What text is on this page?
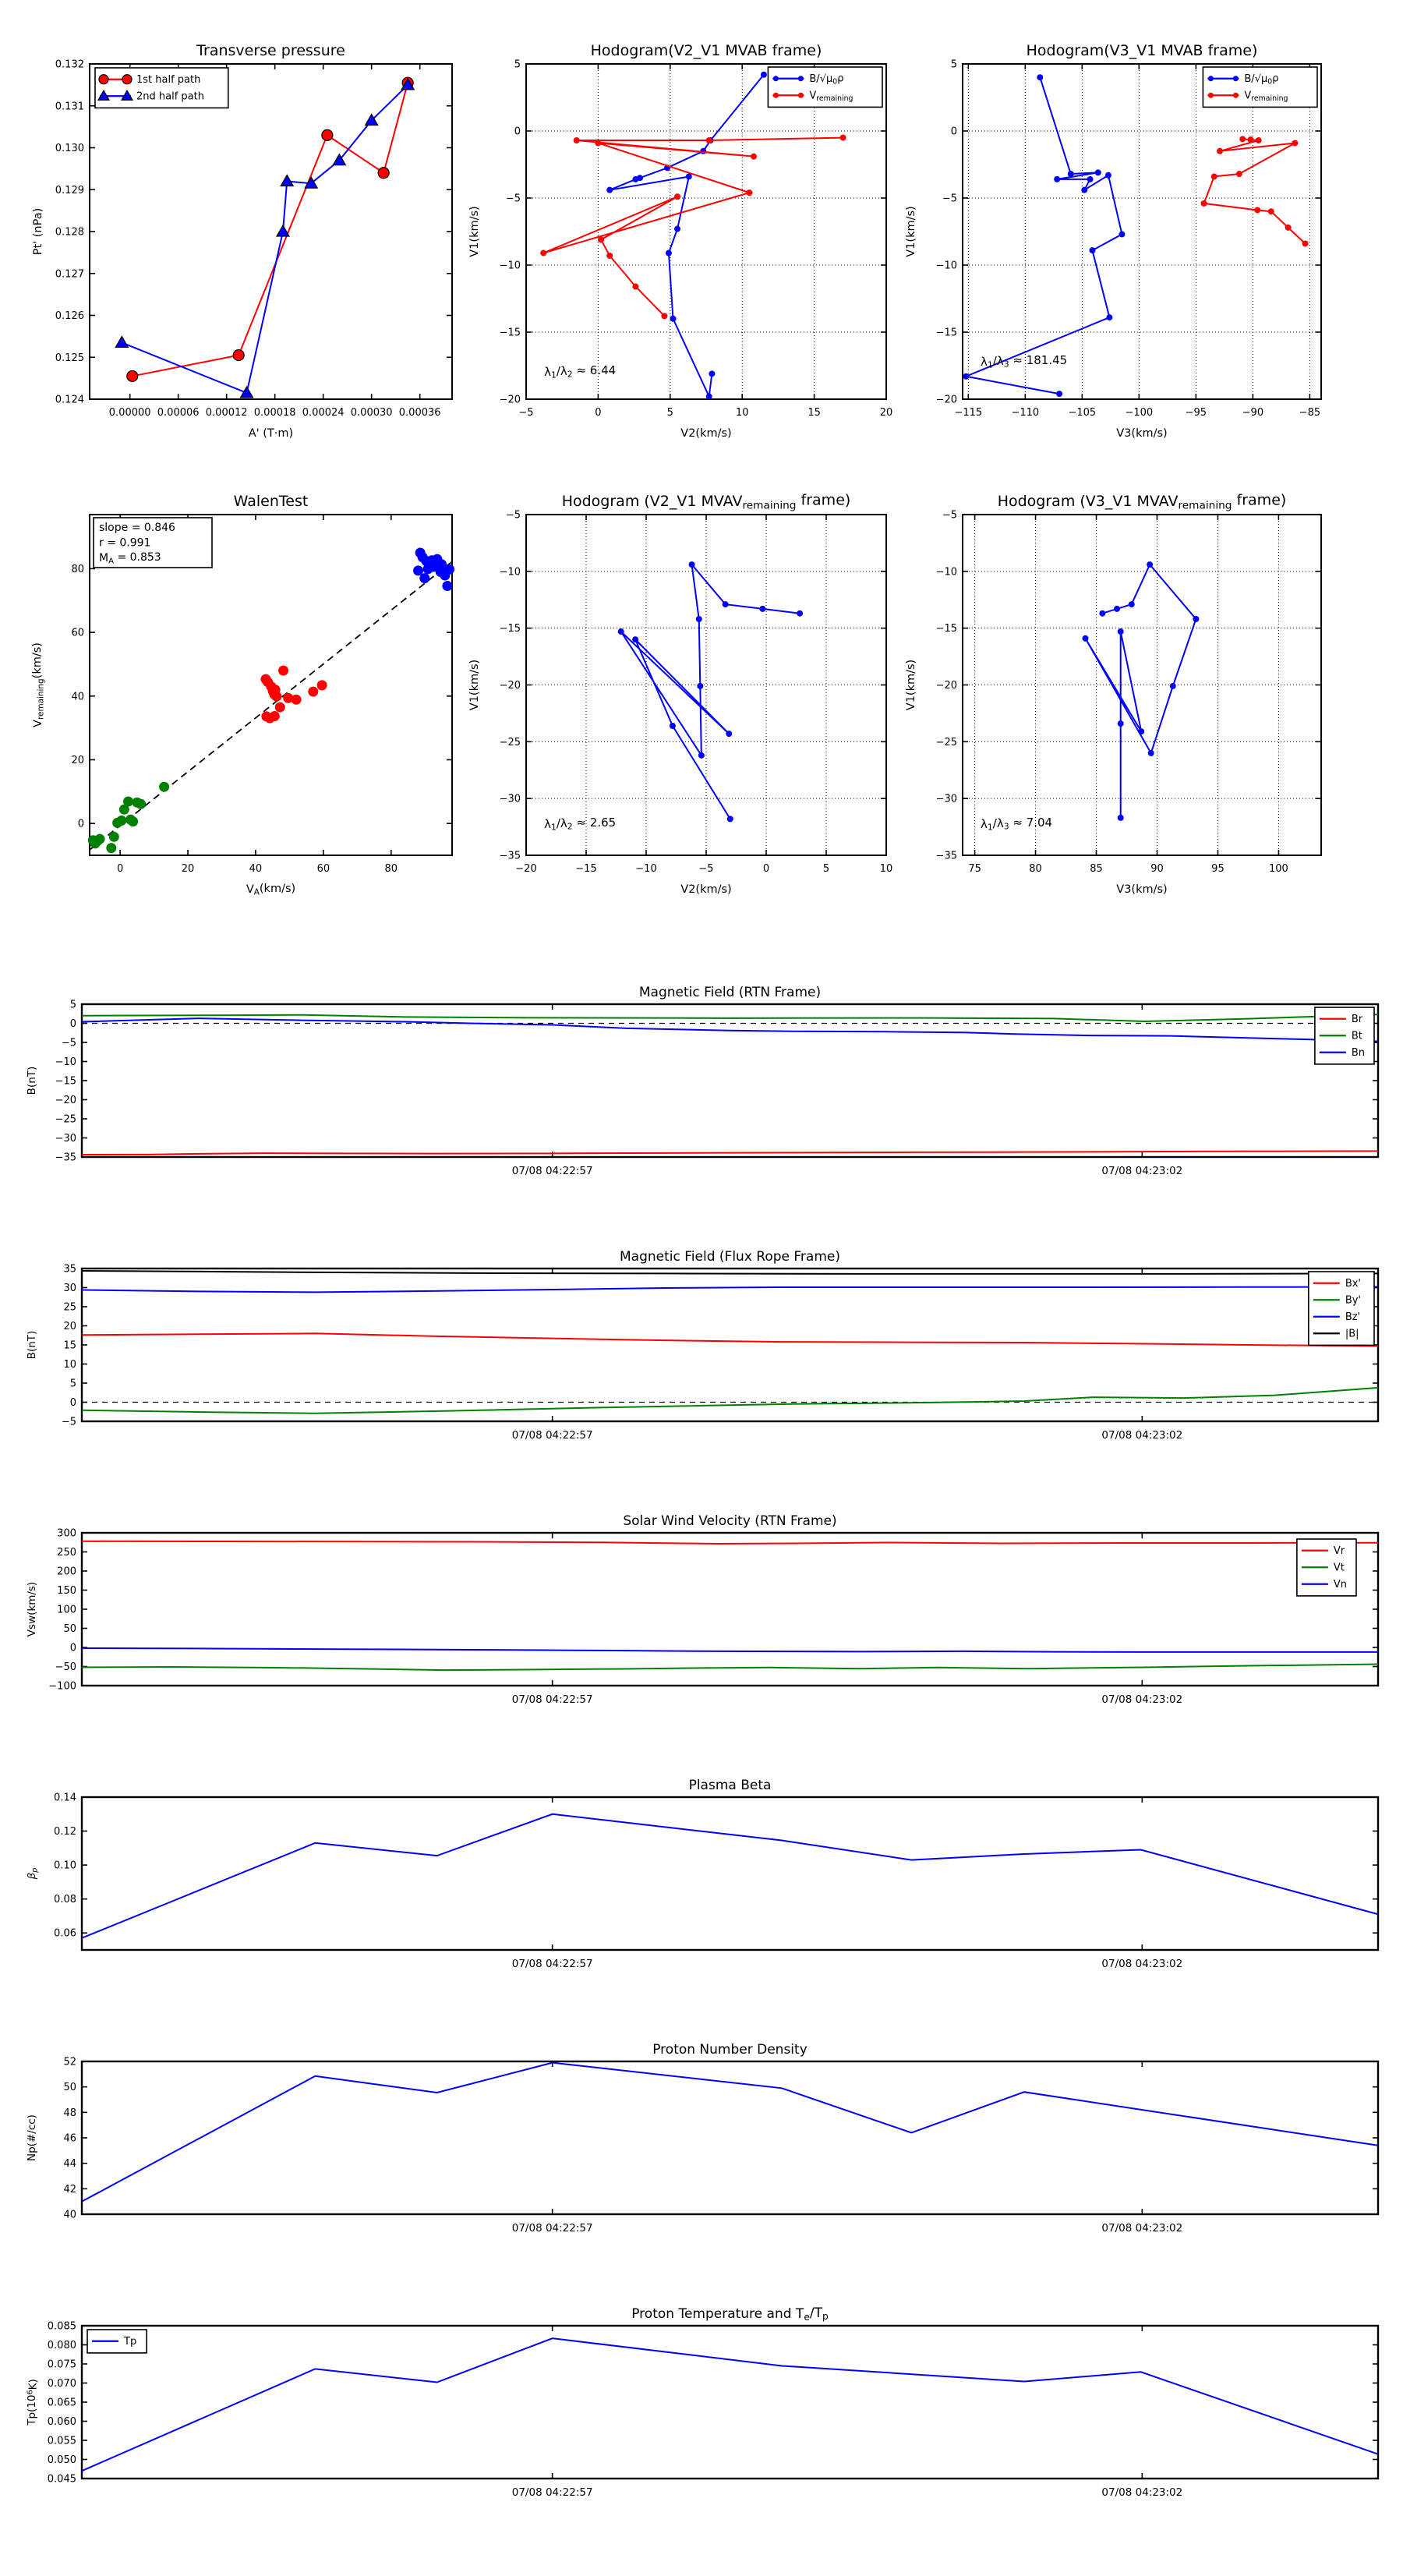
0.00000 0.00006 0.00012 0.00018 0.00024 0.00030 0.00036
0.124
0.125
0.126
0.127
0.128
0.129
0.130
0.131
0.132
Transverse pressure
A' (T·m)
Pt' (nPa)
1st half path
2nd half path
−5	0	5	10	15	20
5
0
−5
−10
−15
−20
Hodogram(V2_V1 MVAB frame)
V2(km/s)
V1(km/s)
B/√μ0ρ
Vremaining
λ1/λ2 ≈ 6.44
−115	−110	−105	−100	−95	−90	−85
5
0
−5
−10
−15
−20
Hodogram(V3_V1 MVAB frame)
V3(km/s)
V1(km/s)
B/√μ0ρ
Vremaining
λ1/λ3 ≈ 181.45
0	20	40	60	80
0
20
40
60
80
WalenTest
VA(km/s)
Vremaining(km/s)
slope = 0.846
r = 0.991
MA = 0.853
−20	−15	−10	−5	0	5	10
−5
−10
−15
−20
−25
−30
−35
Hodogram (V2_V1 MVAVremaining frame)
V2(km/s)
V1(km/s)
λ1/λ2 ≈ 2.65
75	80	85	90	95	100
−5
−10
−15
−20
−25
−30
−35
Hodogram (V3_V1 MVAVremaining frame)
V3(km/s)
V1(km/s)
λ1/λ3 ≈ 7.04
07/08 04:22:57	07/08 04:23:02
5
0
−5
−10
−15
−20
−25
−30
−35
Magnetic Field (RTN Frame)
B(nT)
Br
Bt
Bn
07/08 04:22:57	07/08 04:23:02
35
30
25
20
15
10
5
0
−5
Magnetic Field (Flux Rope Frame)
B(nT)
Bx'
By'
Bz'
|B|
07/08 04:22:57	07/08 04:23:02
300
250
200
150
100
50
0
−50
−100
Solar Wind Velocity (RTN Frame)
Vsw(km/s)
Vr
Vt
Vn
07/08 04:22:57	07/08 04:23:02
0.14
0.12
0.10
0.08
0.06
Plasma Beta
βp
07/08 04:22:57	07/08 04:23:02
52
50
48
46
44
42
40
Proton Number Density
Np(#/cc)
07/08 04:22:57	07/08 04:23:02
0.085
0.080
0.075
0.070
0.065
0.060
0.055
0.050
0.045
Proton Temperature and Te/Tp
$Tp(10^6K)$
Tp
